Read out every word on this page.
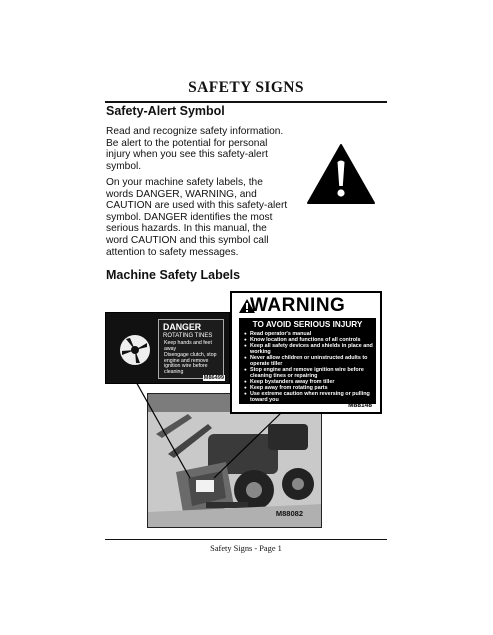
SAFETY SIGNS
Safety-Alert Symbol
Read and recognize safety information.
Be alert to the potential for personal
injury when you see this safety-alert
symbol.
On your machine safety labels, the
words DANGER, WARNING, and
CAUTION are used with this safety-alert
symbol. DANGER identifies the most
serious hazards. In this manual, the
word CAUTION and this symbol call
attention to safety messages.
Machine Safety Labels
M88082
DANGER
ROTATING TINES
Keep hands and feet away
Disengage clutch, stop engine and remove ignition wire before cleaning
M86499
WARNING
TO AVOID SERIOUS INJURY
● Read operator's manual
● Know location and functions of all controls
● Keep all safety devices and shields in place and working
● Never allow children or uninstructed adults to operate tiller
● Stop engine and remove ignition wire before cleaning tines or repairing
● Keep bystanders away from tiller
● Keep away from rotating parts
● Use extreme caution when reversing or pulling toward you
M88148
Safety Signs - Page 1
